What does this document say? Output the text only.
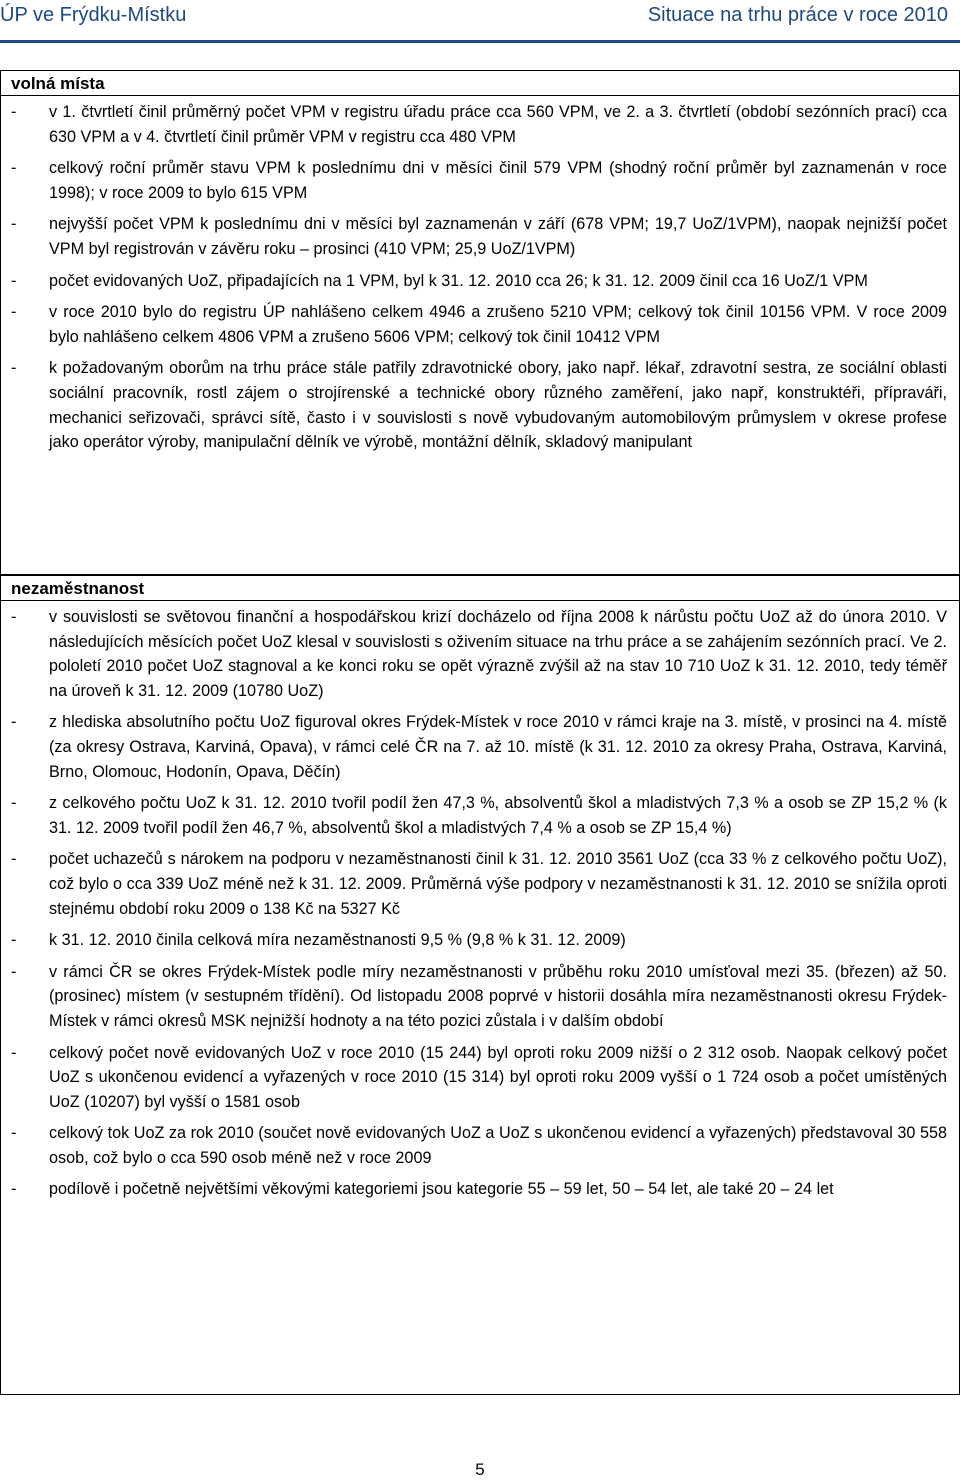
ÚP ve Frýdku-Místku	Situace na trhu práce v roce 2010
volná místa
-	v 1. čtvrtletí činil průměrný počet VPM v registru úřadu práce cca 560 VPM, ve 2. a 3. čtvrtletí (období sezónních prací) cca 630 VPM a v 4. čtvrtletí činil průměr VPM v registru cca 480 VPM
-	celkový roční průměr stavu VPM k poslednímu dni v měsíci činil 579 VPM (shodný roční průměr byl zaznamenán v roce 1998); v roce 2009 to bylo 615 VPM
-	nejvyšší počet VPM k poslednímu dni v měsíci byl zaznamenán v září (678 VPM; 19,7 UoZ/1VPM), naopak nejnižší počet VPM byl registrován v závěru roku – prosinci (410 VPM; 25,9 UoZ/1VPM)
-	počet evidovaných UoZ, připadajících na 1 VPM, byl k 31. 12. 2010 cca 26; k 31. 12. 2009 činil cca 16 UoZ/1 VPM
-	v roce 2010 bylo do registru ÚP nahlášeno celkem 4946 a zrušeno 5210 VPM; celkový tok činil 10156 VPM. V roce 2009 bylo nahlášeno celkem 4806 VPM a zrušeno 5606 VPM; celkový tok činil 10412 VPM
-	k požadovaným oborům na trhu práce stále patřily zdravotnické obory, jako např. lékař, zdravotní sestra, ze sociální oblasti sociální pracovník, rostl zájem o strojírenské a technické obory různého zaměření, jako např, konstruktéři, přípraváři, mechanici seřizovači, správci sítě, často i v souvislosti s nově vybudovaným automobilovým průmyslem v okrese profese jako operátor výroby, manipulační dělník ve výrobě, montážní dělník, skladový manipulant
nezaměstnanost
-	v souvislosti se světovou finanční a hospodářskou krizí docházelo od října 2008 k nárůstu počtu UoZ až do února 2010. V následujících měsících počet UoZ klesal v souvislosti s oživením situace na trhu práce a se zahájením sezónních prací. Ve 2. pololetí 2010 počet UoZ stagnoval a ke konci roku se opět výrazně zvýšil až na stav 10 710 UoZ k 31. 12. 2010, tedy téměř na úroveň k 31. 12. 2009 (10780 UoZ)
-	z hlediska absolutního počtu UoZ figuroval okres Frýdek-Místek v roce 2010 v rámci kraje na 3. místě, v prosinci na 4. místě (za okresy Ostrava, Karviná, Opava), v rámci celé ČR na 7. až 10. místě (k 31. 12. 2010 za okresy Praha, Ostrava, Karviná, Brno, Olomouc, Hodonín, Opava, Děčín)
-	z celkového počtu UoZ k 31. 12. 2010 tvořil podíl žen 47,3 %, absolventů škol a mladistvých 7,3 % a osob se ZP 15,2 % (k 31. 12. 2009 tvořil podíl žen 46,7 %, absolventů škol a mladistvých 7,4 % a osob se ZP 15,4 %)
-	počet uchazečů s nárokem na podporu v nezaměstnanosti činil k 31. 12. 2010 3561 UoZ (cca 33 % z celkového počtu UoZ), což bylo o cca 339 UoZ méně než k 31. 12. 2009. Průměrná výše podpory v nezaměstnanosti k 31. 12. 2010 se snížila oproti stejnému období roku 2009 o 138 Kč na 5327 Kč
-	k 31. 12. 2010 činila celková míra nezaměstnanosti 9,5 % (9,8 % k 31. 12. 2009)
-	v rámci ČR se okres Frýdek-Místek podle míry nezaměstnanosti v průběhu roku 2010 umísťoval mezi 35. (březen) až 50. (prosinec) místem (v sestupném třídění). Od listopadu 2008 poprvé v historii dosáhla míra nezaměstnanosti okresu Frýdek-Místek v rámci okresů MSK nejnižší hodnoty a na této pozici zůstala i v dalším období
-	celkový počet nově evidovaných UoZ v roce 2010 (15 244) byl oproti roku 2009 nižší o 2 312 osob. Naopak celkový počet UoZ s ukončenou evidencí a vyřazených v roce 2010 (15 314) byl oproti roku 2009 vyšší o 1 724 osob a počet umístěných UoZ (10207) byl vyšší o 1581 osob
-	celkový tok UoZ za rok 2010 (součet nově evidovaných UoZ a UoZ s ukončenou evidencí a vyřazených) představoval 30 558 osob, což bylo o cca 590 osob méně než v roce 2009
-	podílově i početně největšími věkovými kategoriemi jsou kategorie 55 – 59 let, 50 – 54 let, ale také 20 – 24 let
5
